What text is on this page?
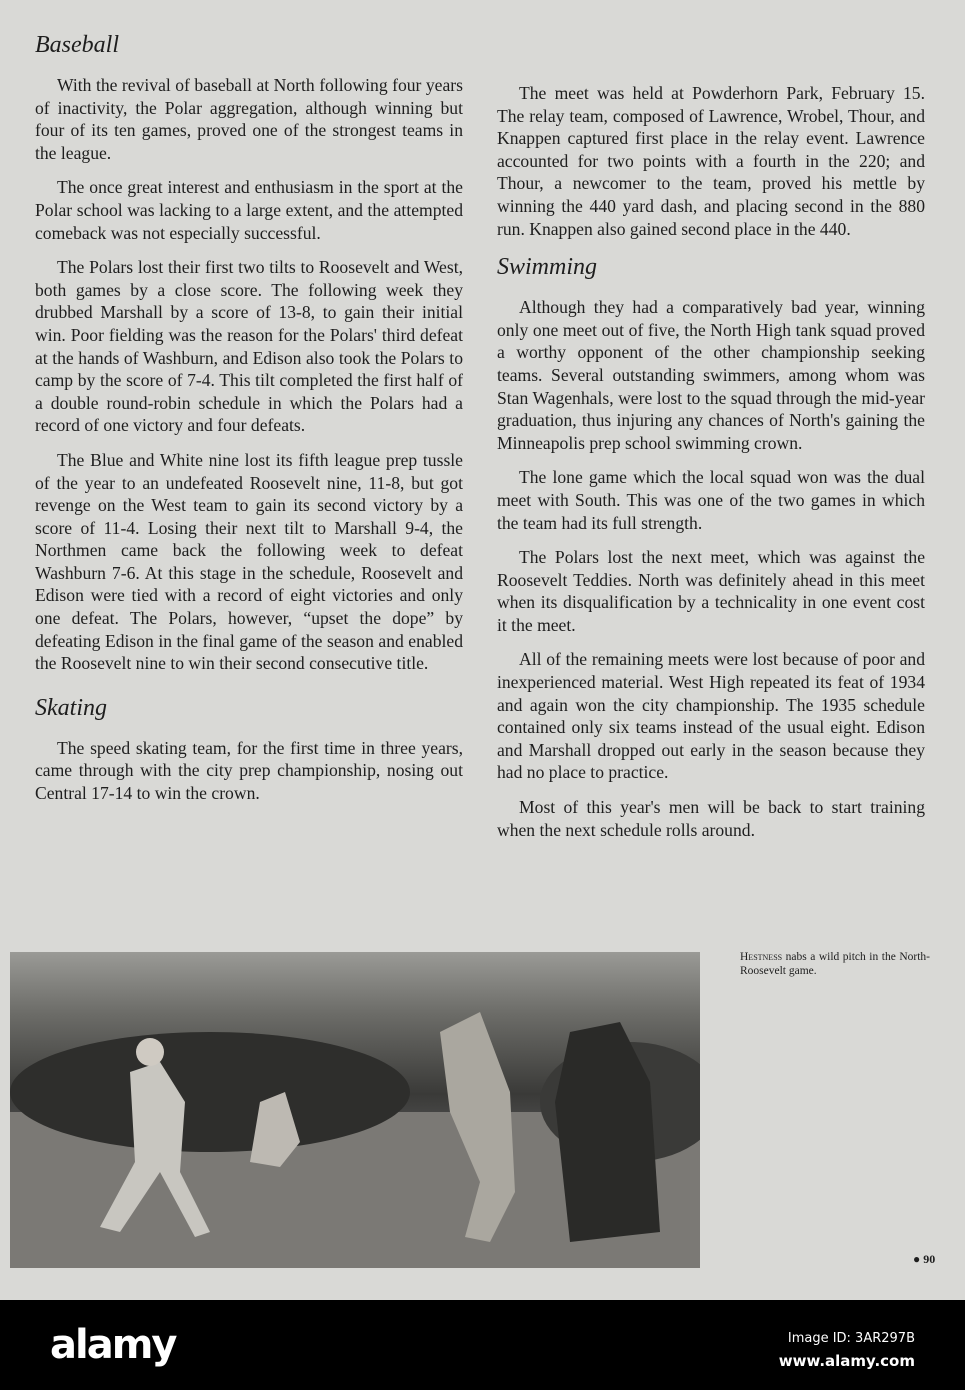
Baseball

With the revival of baseball at North following four years of inactivity, the Polar aggregation, although winning but four of its ten games, proved one of the strongest teams in the league.

The once great interest and enthusiasm in the sport at the Polar school was lacking to a large extent, and the attempted comeback was not especially successful.

The Polars lost their first two tilts to Roosevelt and West, both games by a close score. The following week they drubbed Marshall by a score of 13-8, to gain their initial win. Poor fielding was the reason for the Polars' third defeat at the hands of Washburn, and Edison also took the Polars to camp by the score of 7-4. This tilt completed the first half of a double round-robin schedule in which the Polars had a record of one victory and four defeats.

The Blue and White nine lost its fifth league prep tussle of the year to an undefeated Roosevelt nine, 11-8, but got revenge on the West team to gain its second victory by a score of 11-4. Losing their next tilt to Marshall 9-4, the Northmen came back the following week to defeat Washburn 7-6. At this stage in the schedule, Roosevelt and Edison were tied with a record of eight victories and only one defeat. The Polars, however, “upset the dope” by defeating Edison in the final game of the season and enabled the Roosevelt nine to win their second consecutive title.

Skating

The speed skating team, for the first time in three years, came through with the city prep championship, nosing out Central 17-14 to win the crown.

The meet was held at Powderhorn Park, February 15. The relay team, composed of Lawrence, Wrobel, Thour, and Knappen captured first place in the relay event. Lawrence accounted for two points with a fourth in the 220; and Thour, a newcomer to the team, proved his mettle by winning the 440 yard dash, and placing second in the 880 run. Knappen also gained second place in the 440.

Swimming

Although they had a comparatively bad year, winning only one meet out of five, the North High tank squad proved a worthy opponent of the other championship seeking teams. Several outstanding swimmers, among whom was Stan Wagenhals, were lost to the squad through the mid-year graduation, thus injuring any chances of North's gaining the Minneapolis prep school swimming crown.

The lone game which the local squad won was the dual meet with South. This was one of the two games in which the team had its full strength.

The Polars lost the next meet, which was against the Roosevelt Teddies. North was definitely ahead in this meet when its disqualification by a technicality in one event cost it the meet.

All of the remaining meets were lost because of poor and inexperienced material. West High repeated its feat of 1934 and again won the city championship. The 1935 schedule contained only six teams instead of the usual eight. Edison and Marshall dropped out early in the season because they had no place to practice.

Most of this year's men will be back to start training when the next schedule rolls around.

Hestness nabs a wild pitch in the North-Roosevelt game.
● 90
alamy	Image ID: 3AR297B
www.alamy.com
